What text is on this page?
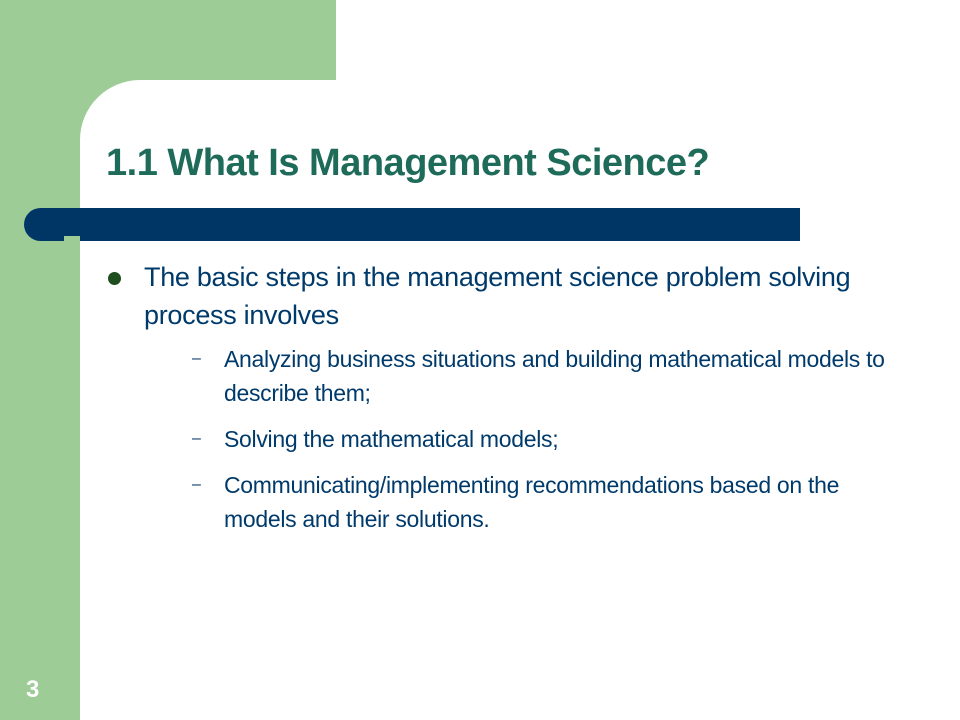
1.1 What Is Management Science?
The basic steps in the management science problem solving process involves
– Analyzing business situations and building mathematical models to describe them;
– Solving the mathematical models;
– Communicating/implementing recommendations based on the models and their solutions.
3
